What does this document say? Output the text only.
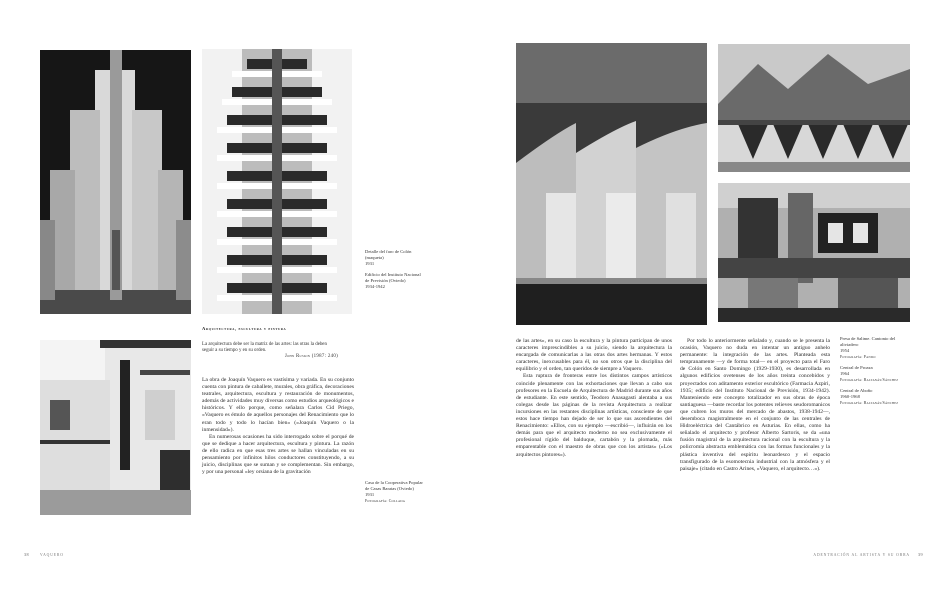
Detalle del faro de Colón (maqueta)
1931
Edificio del Instituto Nacional de Previsión (Oviedo)
1934-1942
Arquitectura, escultura y pintura
La arquitectura debe ser la matriz de las artes: las otras la deben seguir a su tiempo y en su orden.
John Ruskin (1987: 240)

La obra de Joaquín Vaquero es vastísima y variada. En su conjunto cuenta con pintura de caballete, murales, obra gráfica, decoraciones teatrales, arquitectura, escultura y restauración de monumentos, además de actividades muy diversas como estudios arqueológicos e históricos. Y ello porque, como señalara Carlos Cid Priego, «Vaquero es émulo de aquellos personajes del Renacimiento que lo eran todo y todo lo hacían bien» («Joaquín Vaquero o la inmensidad»).

En numerosas ocasiones ha sido interrogado sobre el porqué de que se dedique a hacer arquitectura, escultura y pintura. La razón de ello radica en que esas tres artes se hallan vinculadas en su pensamiento por infinitos hilos conductores constituyendo, a su juicio, disciplinas que se suman y se complementan. Sin embargo, y por una personal «ley orsiana de la gravitación

Casa de la Cooperativa Popular de Casas Baratas (Oviedo)
1931
Fotografía: Collada
38	VAQUERO

de las artes», en su caso la escultura y la pintura participan de unos caracteres imprescindibles a su juicio, siendo la arquitectura la encargada de comunicarlas a las otras dos artes hermanas. Y estos caracteres, inexcusables para él, no son otros que la disciplina del equilibrio y el orden, tan queridos de siempre a Vaquero.

Esta ruptura de fronteras entre los distintos campos artísticos coincide plenamente con las exhortaciones que llevan a cabo sus profesores en la Escuela de Arquitectura de Madrid durante sus años de estudiante. En este sentido, Teodoro Anasagasti alentaba a sus colegas desde las páginas de la revista Arquitectura a realizar incursiones en las restantes disciplinas artísticas, consciente de que estos hace tiempo han dejado de ser lo que sus ascendientes del Renacimiento: «Ellos, con su ejemplo —escribió—, influirán en los demás para que el arquitecto moderno no sea exclusivamente el profesional rígido del balduque, cartabón y la plomada, más emparentable con el maestro de obras que con los artistas» («Los arquitectos pintores»).

Por todo lo anteriormente señalado y, cuando se le presenta la ocasión, Vaquero no duda en intentar un antiguo anhelo permanente: la integración de las artes. Planteada esta tempranamente —y de forma total— en el proyecto para el Faro de Colón en Santo Domingo (1929-1930), es desarrollada en algunos edificios ovetenses de los años treinta concebidos y proyectados con aditamento exterior escultórico (Farmacia Azpiri, 1935; edificio del Instituto Nacional de Previsión, 1934-1942). Manteniendo este concepto totalizador en sus obras de época santiaguesa —baste recordar los potentes relieves seudoromanicos que cubren los muros del mercado de abastos, 1938-1942—, desemboca magistralmente en el conjunto de las centrales de Hidroeléctrica del Cantábrico en Asturias. En ellas, como ha señalado el arquitecto y profesor Alberto Sartoris, se da «una fusión magistral de la arquitectura racional con la escultura y la policromía abstracta emblemática con las formas funcionales y la plástica inventiva del espíritu leonardesco y el espacio transfigurado de la esomotecnia industrial con la atmósfera y el paisaje» (citado en Castro Arines, «Vaquero, el arquitecto…»).

Presa de Salime. Cantonio del aliviadero
1954
Fotografía: Pando
Central de Proaza
1964
Fotografía: Baltanás/Sánchez
Central de Aboño
1960-1968
Fotografía: Baltanás/Sánchez
ADENTRACIÓN AL ARTISTA Y SU OBRA 39
